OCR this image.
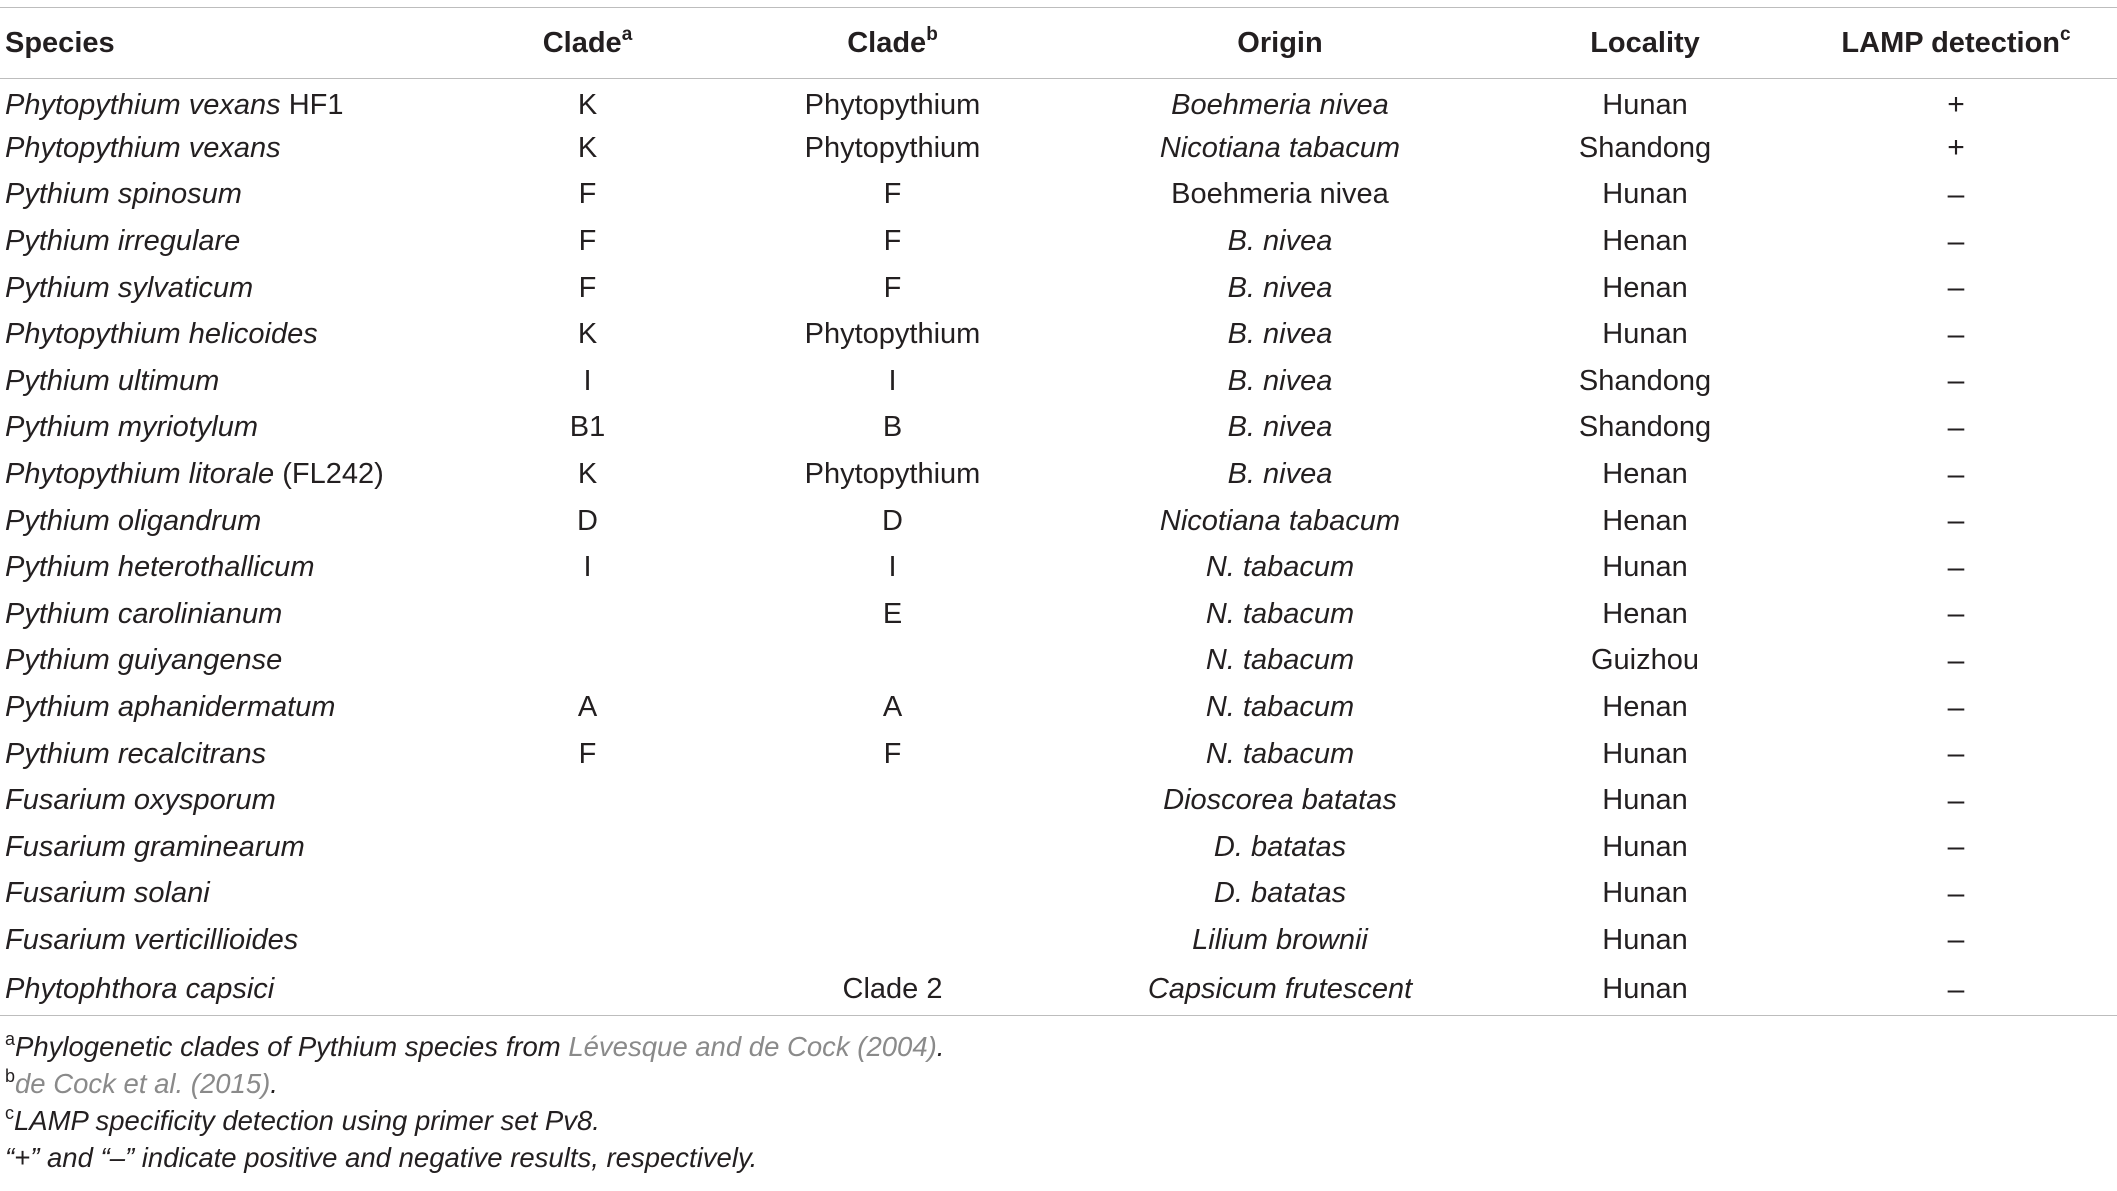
Species	Clade$^a$	Clade$^b$	Origin	Locality	LAMP detection$^c$
Phytopythium vexans HF1	K	Phytopythium	Boehmeria nivea	Hunan	+
Phytopythium vexans	K	Phytopythium	Nicotiana tabacum	Shandong	+
Pythium spinosum	F	F	Boehmeria nivea	Hunan	–
Pythium irregulare	F	F	B. nivea	Henan	–
Pythium sylvaticum	F	F	B. nivea	Henan	–
Phytopythium helicoides	K	Phytopythium	B. nivea	Hunan	–
Pythium ultimum	I	I	B. nivea	Shandong	–
Pythium myriotylum	B1	B	B. nivea	Shandong	–
Phytopythium litorale (FL242)	K	Phytopythium	B. nivea	Henan	–
Pythium oligandrum	D	D	Nicotiana tabacum	Henan	–
Pythium heterothallicum	I	I	N. tabacum	Hunan	–
Pythium carolinianum		E	N. tabacum	Henan	–
Pythium guiyangense			N. tabacum	Guizhou	–
Pythium aphanidermatum	A	A	N. tabacum	Henan	–
Pythium recalcitrans	F	F	N. tabacum	Hunan	–
Fusarium oxysporum			Dioscorea batatas	Hunan	–
Fusarium graminearum			D. batatas	Hunan	–
Fusarium solani			D. batatas	Hunan	–
Fusarium verticillioides			Lilium brownii	Hunan	–
Phytophthora capsici		Clade 2	Capsicum frutescent	Hunan	–
$^a$Phylogenetic clades of Pythium species from Lévesque and de Cock (2004).
$^b$de Cock et al. (2015).
$^c$LAMP specificity detection using primer set Pv8.
“+” and “–” indicate positive and negative results, respectively.
